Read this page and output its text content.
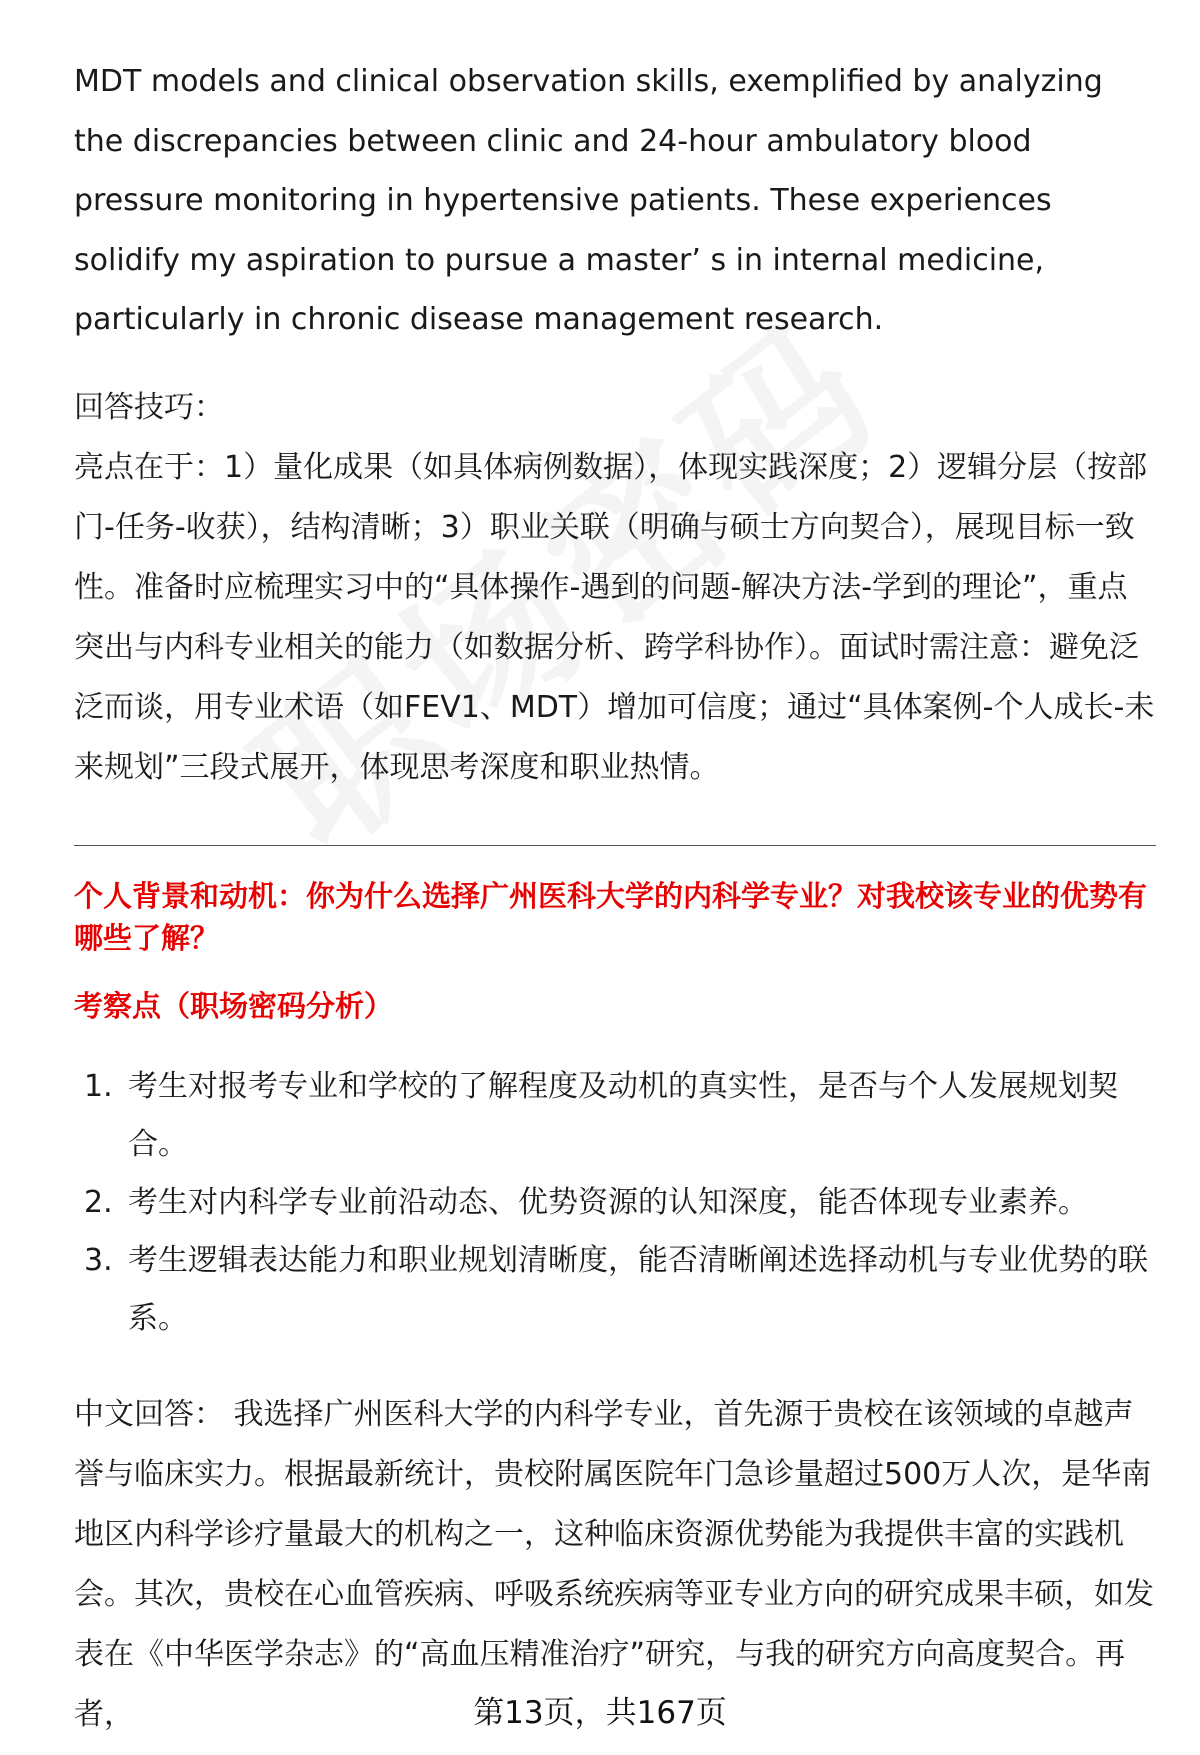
MDT models and clinical observation skills, exemplified by analyzing the discrepancies between clinic and 24-hour ambulatory blood pressure monitoring in hypertensive patients. These experiences solidify my aspiration to pursue a master’ s in internal medicine, particularly in chronic disease management research.

回答技巧：

亮点在于：1）量化成果（如具体病例数据），体现实践深度；2）逻辑分层（按部门-任务-收获），结构清晰；3）职业关联（明确与硕士方向契合），展现目标一致性。准备时应梳理实习中的“具体操作-遇到的问题-解决方法-学到的理论”，重点突出与内科专业相关的能力（如数据分析、跨学科协作）。面试时需注意：避免泛泛而谈，用专业术语（如FEV1、MDT）增加可信度；通过“具体案例-个人成长-未来规划”三段式展开，体现思考深度和职业热情。

个人背景和动机：你为什么选择广州医科大学的内科学专业？对我校该专业的优势有哪些了解？

考察点（职场密码分析）

1. 考生对报考专业和学校的了解程度及动机的真实性，是否与个人发展规划契合。
2. 考生对内科学专业前沿动态、优势资源的认知深度，能否体现专业素养。
3. 考生逻辑表达能力和职业规划清晰度，能否清晰阐述选择动机与专业优势的联系。

中文回答： 我选择广州医科大学的内科学专业，首先源于贵校在该领域的卓越声誉与临床实力。根据最新统计，贵校附属医院年门急诊量超过500万人次，是华南地区内科学诊疗量最大的机构之一，这种临床资源优势能为我提供丰富的实践机会。其次，贵校在心血管疾病、呼吸系统疾病等亚专业方向的研究成果丰硕，如发表在《中华医学杂志》的“高血压精准治疗”研究，与我的研究方向高度契合。再者，	第13页，共167页
